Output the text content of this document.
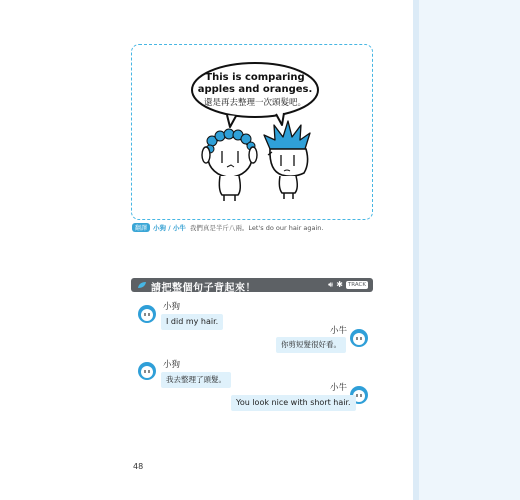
This is comparing
apples and oranges.
還是再去整理一次頭髮吧。
翻譯 小狗 / 小牛 我們真是半斤八兩。Let's do our hair again.
請把整個句子背起來！	🔊︎ ✱ TRACK
小狗
I did my hair.
小牛
你剪短髮很好看。
小狗
我去整理了頭髮。
小牛
You look nice with short hair.
48
